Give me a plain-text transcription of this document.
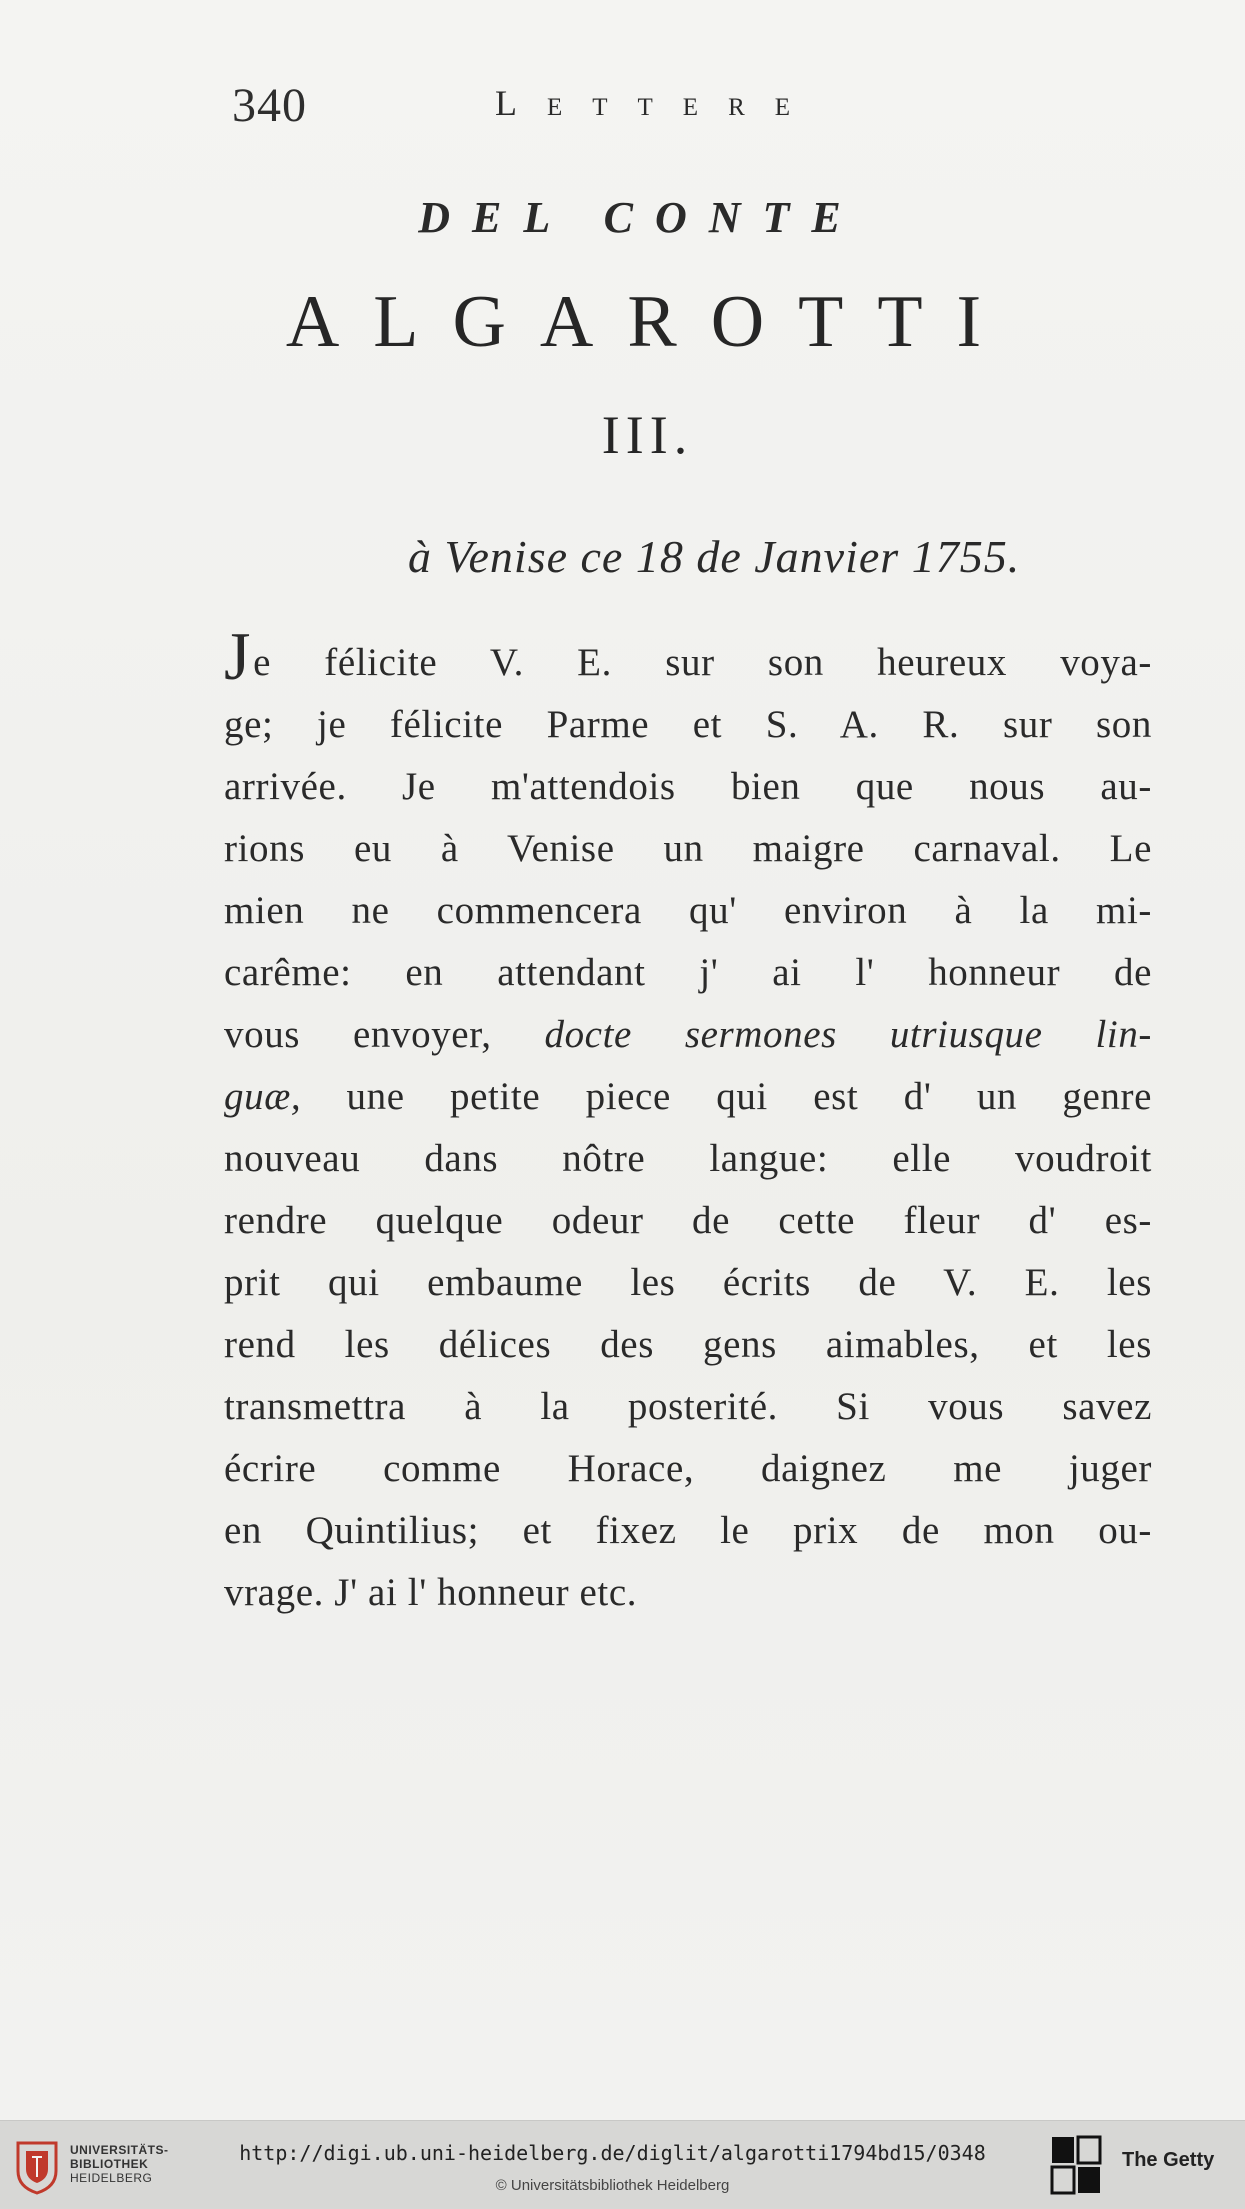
340	Lettere
DEL CONTE
ALGAROTTI
III.
à Venise ce 18 de Janvier 1755.
Je félicite V. E. sur son heureux voya-
ge; je félicite Parme et S. A. R. sur son
arrivée. Je m'attendois bien que nous au-
rions eu à Venise un maigre carnaval. Le
mien ne commencera qu' environ à la mi-
carême: en attendant j' ai l' honneur de
vous envoyer, docte sermones utriusque lin-
guæ, une petite piece qui est d' un genre
nouveau dans nôtre langue: elle voudroit
rendre quelque odeur de cette fleur d' es-
prit qui embaume les écrits de V. E. les
rend les délices des gens aimables, et les
transmettra à la posterité. Si vous savez
écrire comme Horace, daignez me juger
en Quintilius; et fixez le prix de mon ou-
vrage. J' ai l' honneur etc.
UNIVERSITÄTS-
BIBLIOTHEK
HEIDELBERG
http://digi.ub.uni-heidelberg.de/diglit/algarotti1794bd15/0348
© Universitätsbibliothek Heidelberg
The Getty
